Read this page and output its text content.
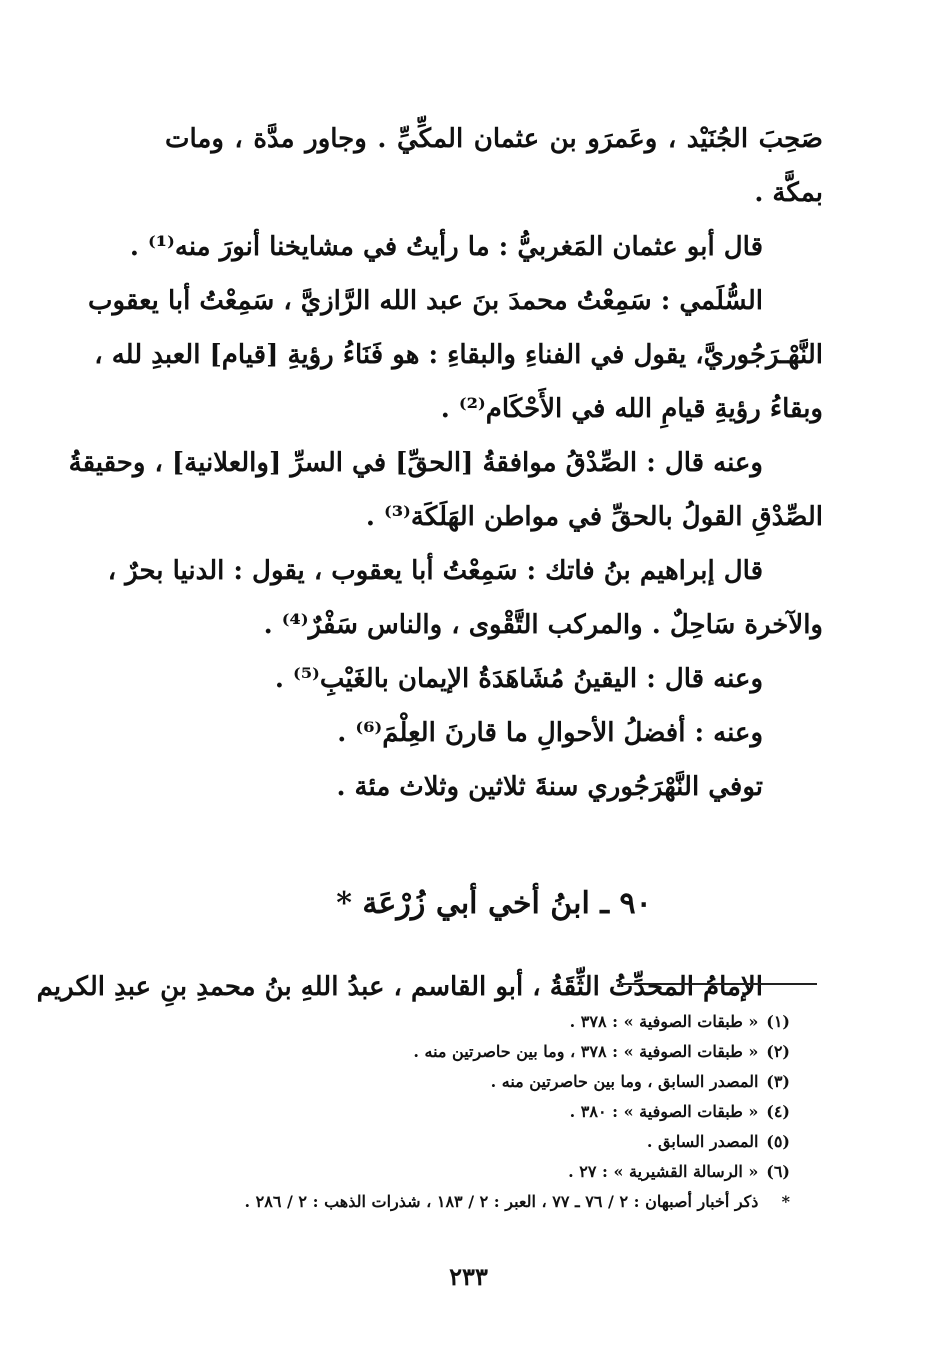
صَحِبَ الجُنَيْد ، وعَمرَو بن عثمان المكِّيِّ . وجاور مدَّة ، ومات
بمكَّة .
قال أبو عثمان المَغربيُّ : ما رأيتُ في مشايخنا أنورَ منه⁽¹⁾ .
السُّلَمي : سَمِعْتُ محمدَ بنَ عبد الله الرَّازيَّ ، سَمِعْتُ أبا يعقوب
النَّهْـرَجُوريَّ، يقول في الفناءِ والبقاءِ : هو فَنَاءُ رؤيةِ [قيام] العبدِ لله ،
وبقاءُ رؤيةِ قيامِ الله في الأَحْكَام⁽²⁾ .
وعنه قال : الصِّدْقُ موافقةُ [الحقِّ] في السرِّ [والعلانية] ، وحقيقةُ
الصِّدْقِ القولُ بالحقِّ في مواطن الهَلَكَة⁽³⁾ .
قال إبراهيم بنُ فاتك : سَمِعْتُ أبا يعقوب ، يقول : الدنيا بحرٌ ،
والآخرة سَاحِلٌ . والمركب التَّقْوى ، والناس سَفْرٌ⁽⁴⁾ .
وعنه قال : اليقينُ مُشَاهَدَةُ الإيمان بالغَيْبِ⁽⁵⁾ .
وعنه : أفضلُ الأحوالِ ما قارنَ العِلْمَ⁽⁶⁾ .
توفي النَّهْرَجُوري سنةَ ثلاثين وثلاث مئة .
٩٠ ـ ابنُ أخي أبي زُرْعَة *
الإمامُ المحدِّثُ الثِّقَةُ ، أبو القاسم ، عبدُ اللهِ بنُ محمدِ بنِ عبدِ الكريم
(١) « طبقات الصوفية » : ٣٧٨ .
(٢) « طبقات الصوفية » : ٣٧٨ ، وما بين حاصرتين منه .
(٣) المصدر السابق ، وما بين حاصرتين منه .
(٤) « طبقات الصوفية » : ٣٨٠ .
(٥) المصدر السابق .
(٦) « الرسالة القشيرية » : ٢٧ .
* ذكر أخبار أصبهان : ٢ / ٧٦ ـ ٧٧ ، العبر : ٢ / ١٨٣ ، شذرات الذهب : ٢ / ٢٨٦ .
٢٣٣
